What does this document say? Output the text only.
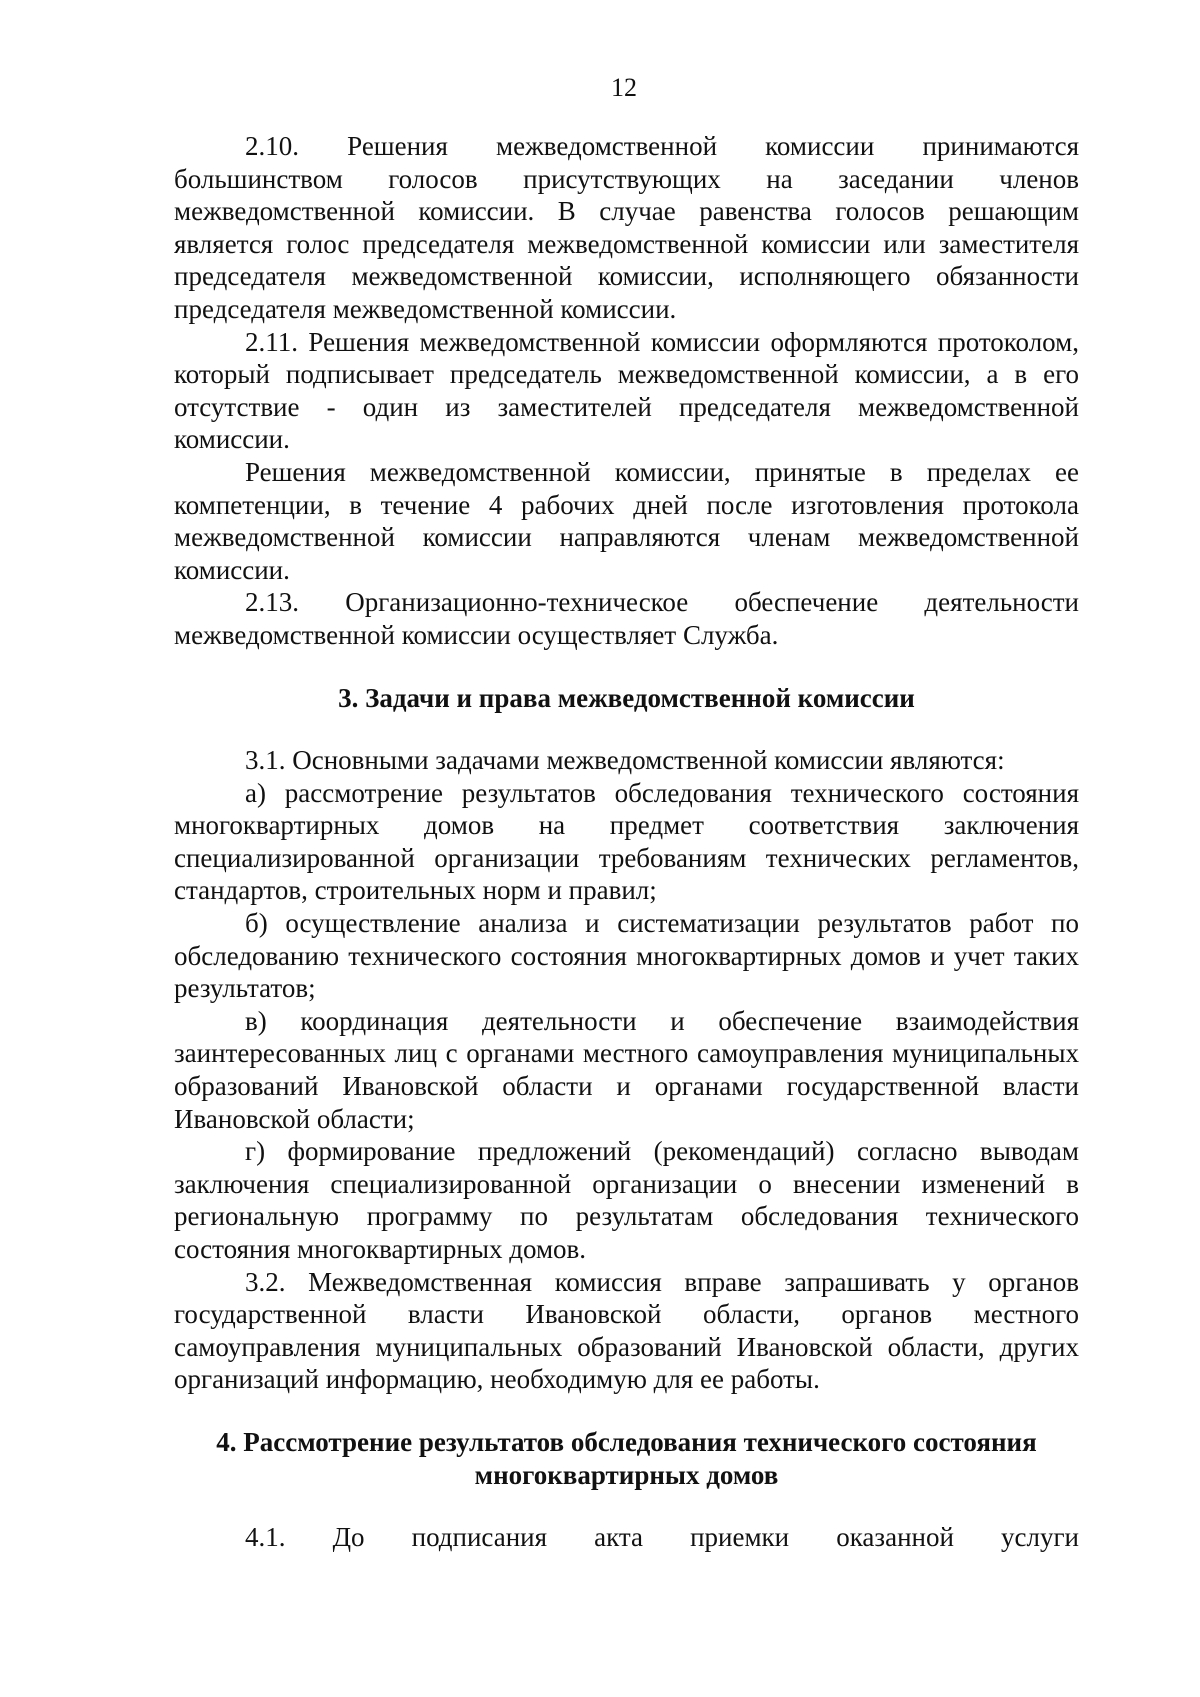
12

2.10. Решения межведомственной комиссии принимаются большинством голосов присутствующих на заседании членов межведомственной комиссии. В случае равенства голосов решающим является голос председателя межведомственной комиссии или заместителя председателя межведомственной комиссии, исполняющего обязанности председателя межведомственной комиссии.

2.11. Решения межведомственной комиссии оформляются протоколом, который подписывает председатель межведомственной комиссии, а в его отсутствие - один из заместителей председателя межведомственной комиссии.

Решения межведомственной комиссии, принятые в пределах ее компетенции, в течение 4 рабочих дней после изготовления протокола межведомственной комиссии направляются членам межведомственной комиссии.

2.13. Организационно-техническое обеспечение деятельности межведомственной комиссии осуществляет Служба.

3. Задачи и права межведомственной комиссии

3.1. Основными задачами межведомственной комиссии являются:

а) рассмотрение результатов обследования технического состояния многоквартирных домов на предмет соответствия заключения специализированной организации требованиям технических регламентов, стандартов, строительных норм и правил;

б) осуществление анализа и систематизации результатов работ по обследованию технического состояния многоквартирных домов и учет таких результатов;

в) координация деятельности и обеспечение взаимодействия заинтересованных лиц с органами местного самоуправления муниципальных образований Ивановской области и органами государственной власти Ивановской области;

г) формирование предложений (рекомендаций) согласно выводам заключения специализированной организации о внесении изменений в региональную программу по результатам обследования технического состояния многоквартирных домов.

3.2. Межведомственная комиссия вправе запрашивать у органов государственной власти Ивановской области, органов местного самоуправления муниципальных образований Ивановской области, других организаций информацию, необходимую для ее работы.

4. Рассмотрение результатов обследования технического состояния

многоквартирных домов

4.1. До подписания акта приемки оказанной услуги
